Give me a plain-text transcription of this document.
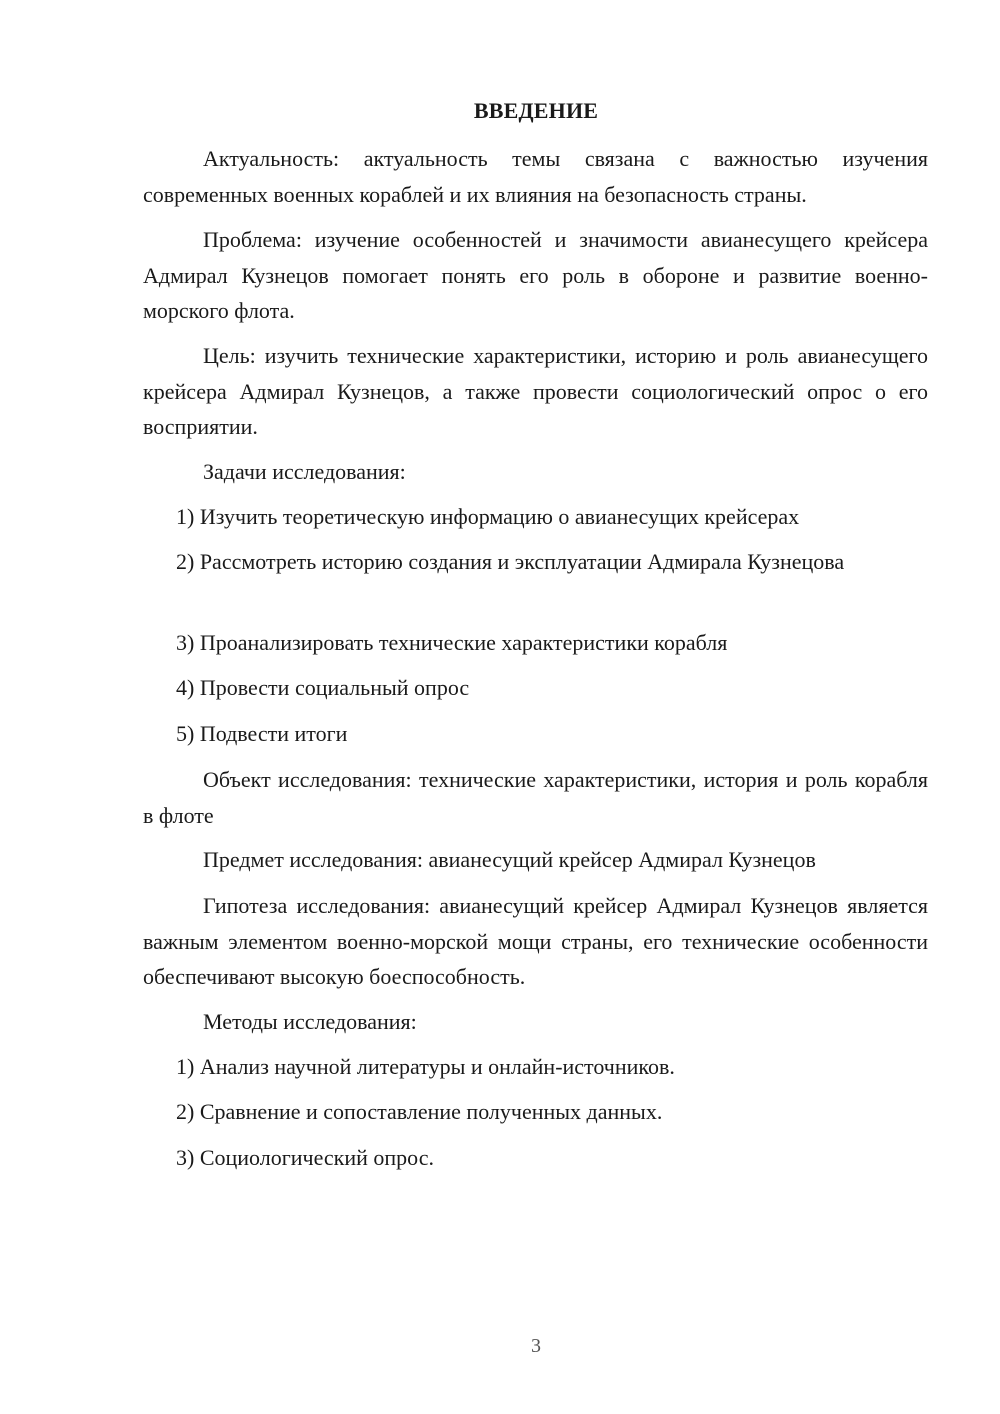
ВВЕДЕНИЕ

Актуальность: актуальность темы связана с важностью изучения современных военных кораблей и их влияния на безопасность страны.

Проблема: изучение особенностей и значимости авианесущего крейсера Адмирал Кузнецов помогает понять его роль в обороне и развитие военно-морского флота.

Цель: изучить технические характеристики, историю и роль авианесущего крейсера Адмирал Кузнецов, а также провести социологический опрос о его восприятии.

Задачи исследования:

1) Изучить теоретическую информацию о авианесущих крейсерах

2) Рассмотреть историю создания и эксплуатации Адмирала Кузнецова

3) Проанализировать технические характеристики корабля

4) Провести социальный опрос

5) Подвести итоги

Объект исследования: технические характеристики, история и роль корабля в флоте

Предмет исследования: авианесущий крейсер Адмирал Кузнецов

Гипотеза исследования: авианесущий крейсер Адмирал Кузнецов является важным элементом военно-морской мощи страны, его технические особенности обеспечивают высокую боеспособность.

Методы исследования:

1) Анализ научной литературы и онлайн-источников.

2) Сравнение и сопоставление полученных данных.

3) Социологический опрос.

3
